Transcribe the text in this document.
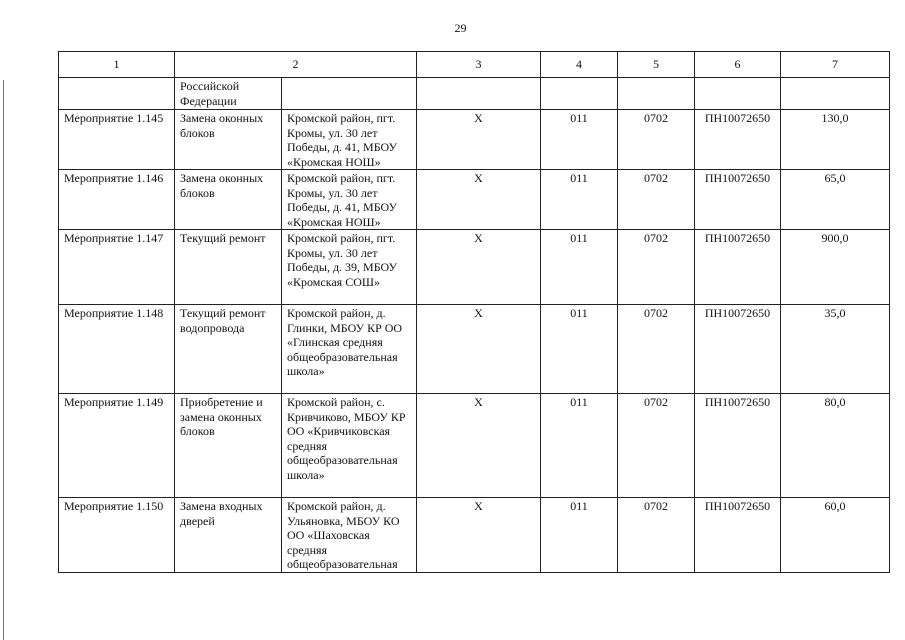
29
1	2		3	4	5	6	7
	Российской Федерации						
Мероприятие 1.145	Замена оконных блоков	Кромской район, пгт. Кромы, ул. 30 лет Победы, д. 41, МБОУ «Кромская НОШ»	Х	011	0702	ПН10072650	130,0
Мероприятие 1.146	Замена оконных блоков	Кромской район, пгт. Кромы, ул. 30 лет Победы, д. 41, МБОУ «Кромская НОШ»	Х	011	0702	ПН10072650	65,0
Мероприятие 1.147	Текущий ремонт	Кромской район, пгт. Кромы, ул. 30 лет Победы, д. 39, МБОУ «Кромская СОШ»	Х	011	0702	ПН10072650	900,0
Мероприятие 1.148	Текущий ремонт водопровода	Кромской район, д. Глинки, МБОУ КР ОО «Глинская средняя общеобразовательная школа»	Х	011	0702	ПН10072650	35,0
Мероприятие 1.149	Приобретение и замена оконных блоков	Кромской район, с. Кривчиково, МБОУ КР ОО «Кривчиковская средняя общеобразовательная школа»	Х	011	0702	ПН10072650	80,0
Мероприятие 1.150	Замена входных дверей	Кромской район, д. Ульяновка, МБОУ КО ОО «Шаховская средняя общеобразовательная	Х	011	0702	ПН10072650	60,0
